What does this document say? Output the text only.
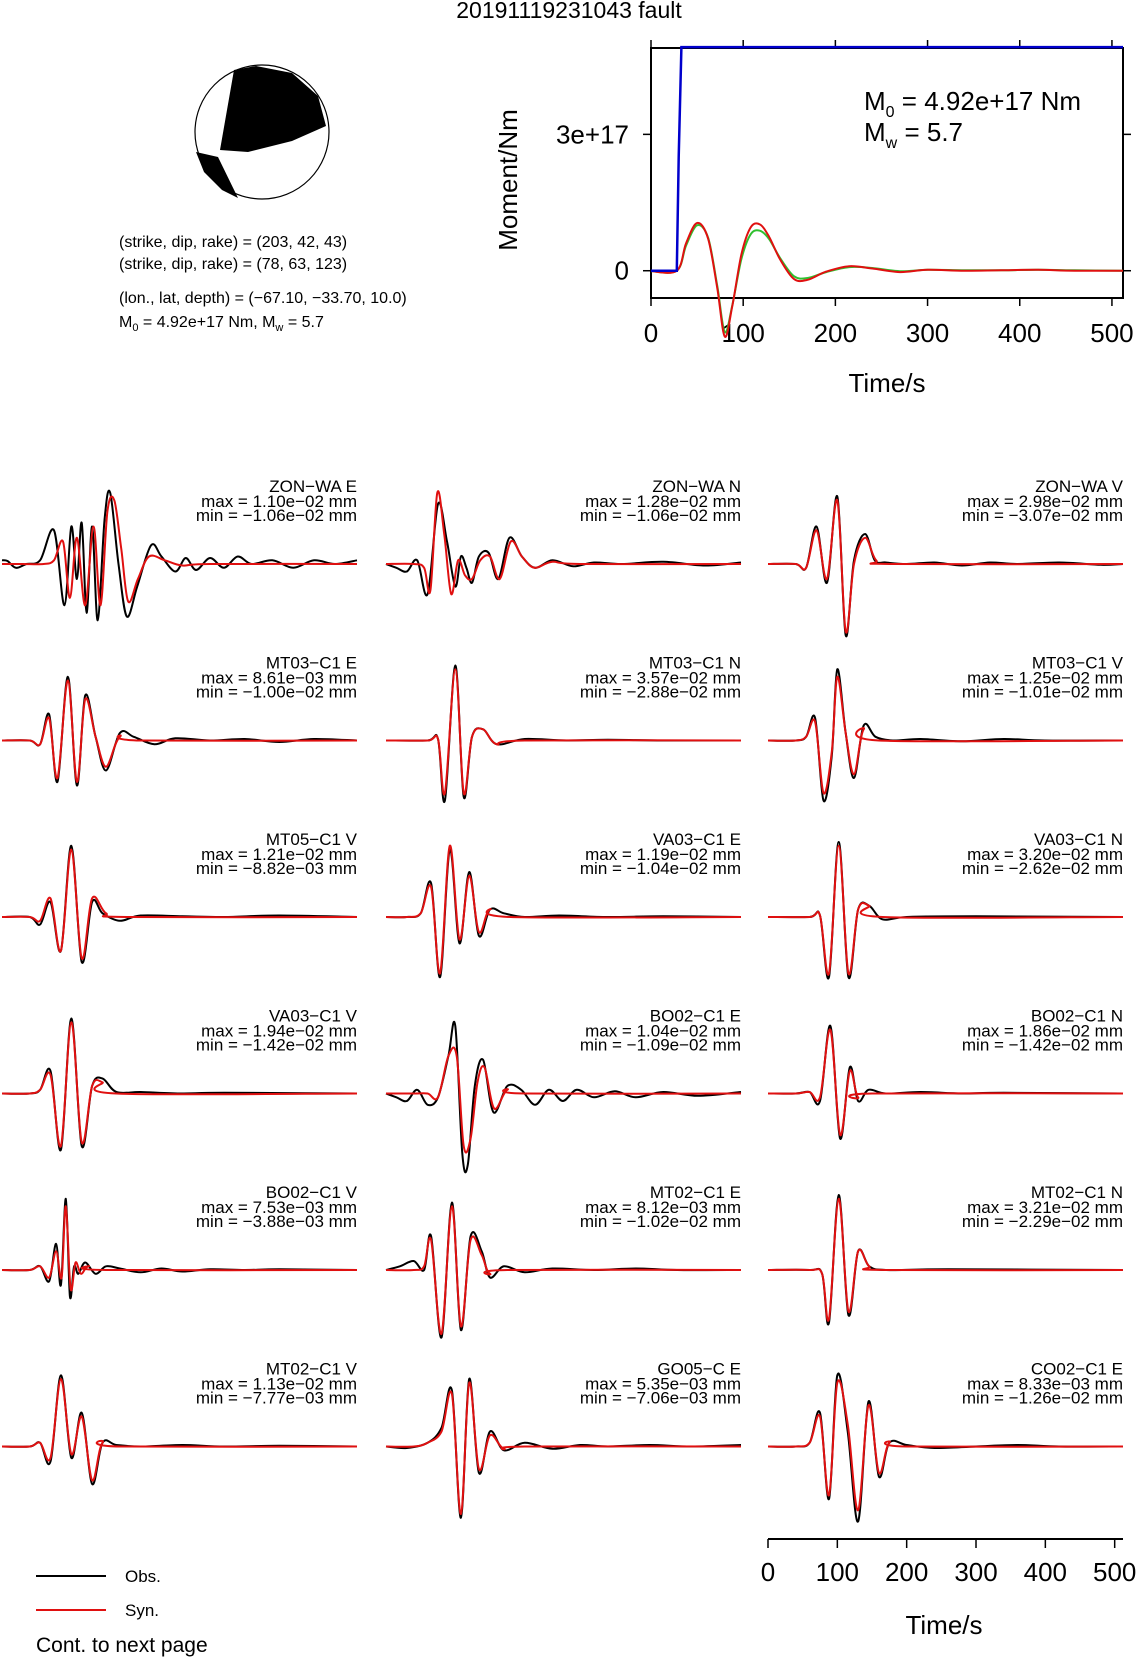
20191119231043 fault
(strike, dip, rake) = (203, 42, 43)
(strike, dip, rake) = (78, 63, 123)
(lon., lat, depth) = (−67.10, −33.70, 10.0)
$M_0 = 4.92e+17$ Nm, $M_w = 5.7$	0 100 200 300 400 500
0
3e+17
Time/s
Moment/Nm
$M_0 = 4.92e+17$ Nm
$M_w = 5.7$
ZON−WA E
max = 1.10e−02 mm
min = −1.06e−02 mm
ZON−WA N
max = 1.28e−02 mm
min = −1.06e−02 mm
ZON−WA V
max = 2.98e−02 mm
min = −3.07e−02 mm
MT03−C1 E
max = 8.61e−03 mm
min = −1.00e−02 mm
MT03−C1 N
max = 3.57e−02 mm
min = −2.88e−02 mm
MT03−C1 V
max = 1.25e−02 mm
min = −1.01e−02 mm
MT05−C1 V
max = 1.21e−02 mm
min = −8.82e−03 mm
VA03−C1 E
max = 1.19e−02 mm
min = −1.04e−02 mm
VA03−C1 N
max = 3.20e−02 mm
min = −2.62e−02 mm
VA03−C1 V
max = 1.94e−02 mm
min = −1.42e−02 mm
BO02−C1 E
max = 1.04e−02 mm
min = −1.09e−02 mm
BO02−C1 N
max = 1.86e−02 mm
min = −1.42e−02 mm
BO02−C1 V
max = 7.53e−03 mm
min = −3.88e−03 mm
MT02−C1 E
max = 8.12e−03 mm
min = −1.02e−02 mm
MT02−C1 N
max = 3.21e−02 mm
min = −2.29e−02 mm
MT02−C1 V
max = 1.13e−02 mm
min = −7.77e−03 mm
GO05−C E
max = 5.35e−03 mm
min = −7.06e−03 mm
CO02−C1 E
max = 8.33e−03 mm
min = −1.26e−02 mm
Time/s
0 100 200 300 400 500
Obs.
Syn.
Cont. to next page
